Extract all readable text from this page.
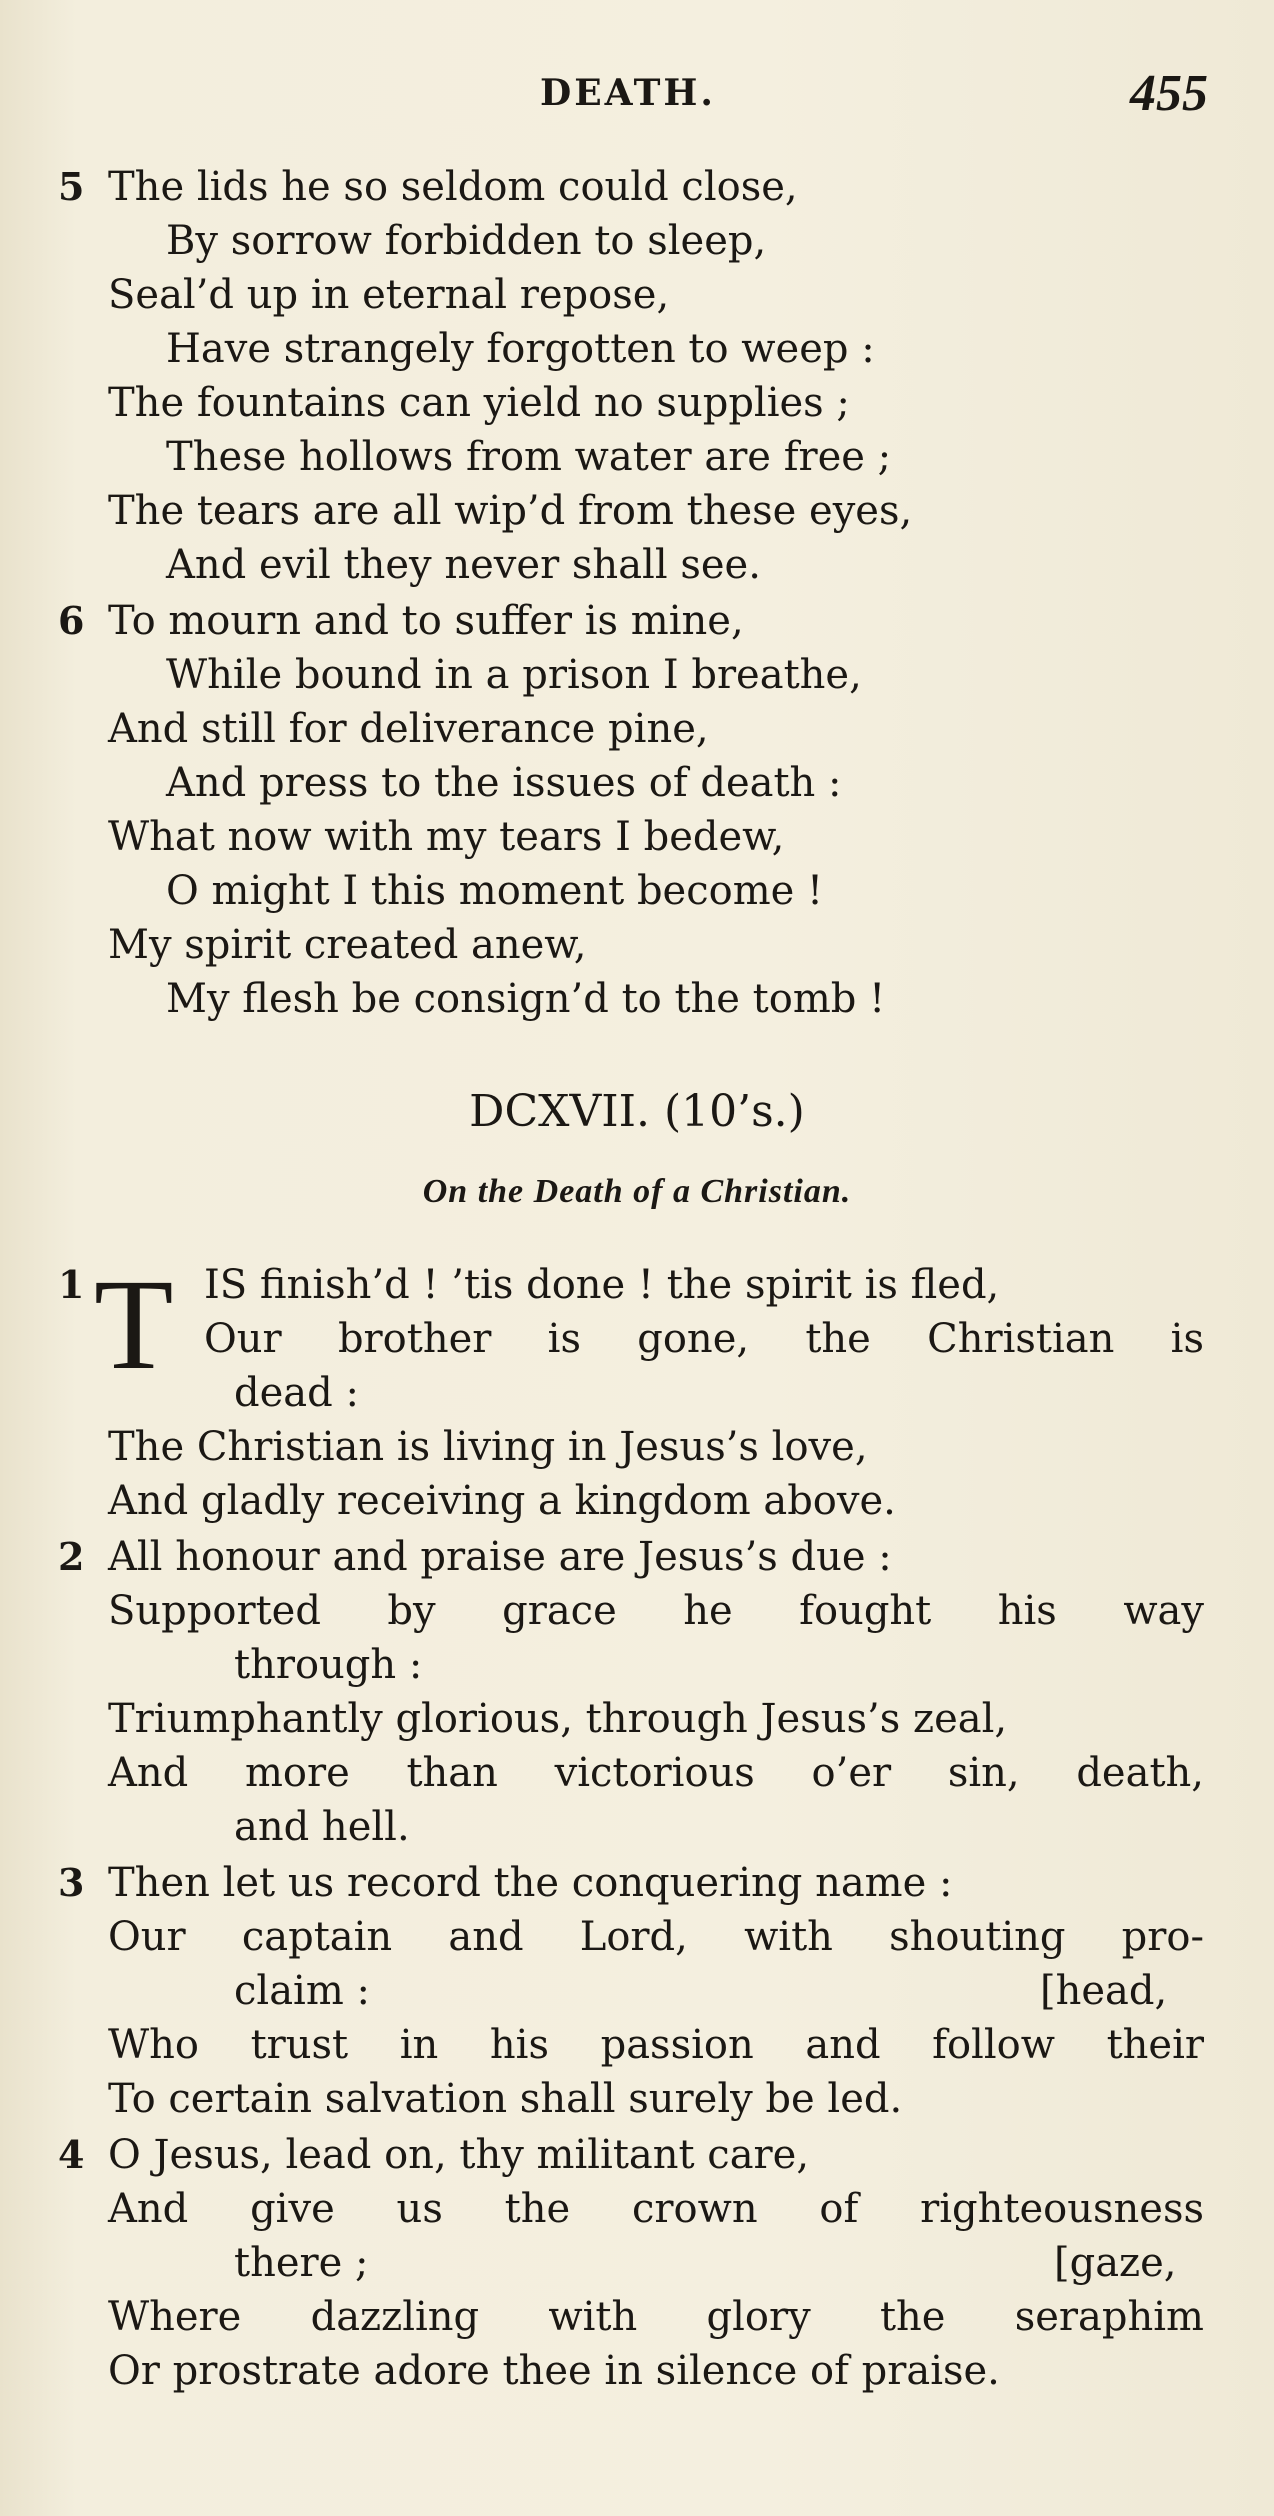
DEATH.	455
5 The lids he so seldom could close,
By sorrow forbidden to sleep,
Seal’d up in eternal repose,
Have strangely forgotten to weep :
The fountains can yield no supplies ;
These hollows from water are free ;
The tears are all wip’d from these eyes,
And evil they never shall see.
6 To mourn and to suffer is mine,
While bound in a prison I breathe,
And still for deliverance pine,
And press to the issues of death :
What now with my tears I bedew,
O might I this moment become !
My spirit created anew,
My flesh be consign’d to the tomb !
DCXVII. (10’s.)
On the Death of a Christian.
1 T IS finish’d ! ’tis done ! the spirit is fled,
Our brother is gone, the Christian is
dead :
The Christian is living in Jesus’s love,
And gladly receiving a kingdom above.
2 All honour and praise are Jesus’s due :
Supported by grace he fought his way
through :
Triumphantly glorious, through Jesus’s zeal,
And more than victorious o’er sin, death,
and hell.
3 Then let us record the conquering name :
Our captain and Lord, with shouting pro-
claim :	[head,
Who trust in his passion and follow their
To certain salvation shall surely be led.
4 O Jesus, lead on, thy militant care,
And give us the crown of righteousness
there ;	[gaze,
Where dazzling with glory the seraphim
Or prostrate adore thee in silence of praise.
